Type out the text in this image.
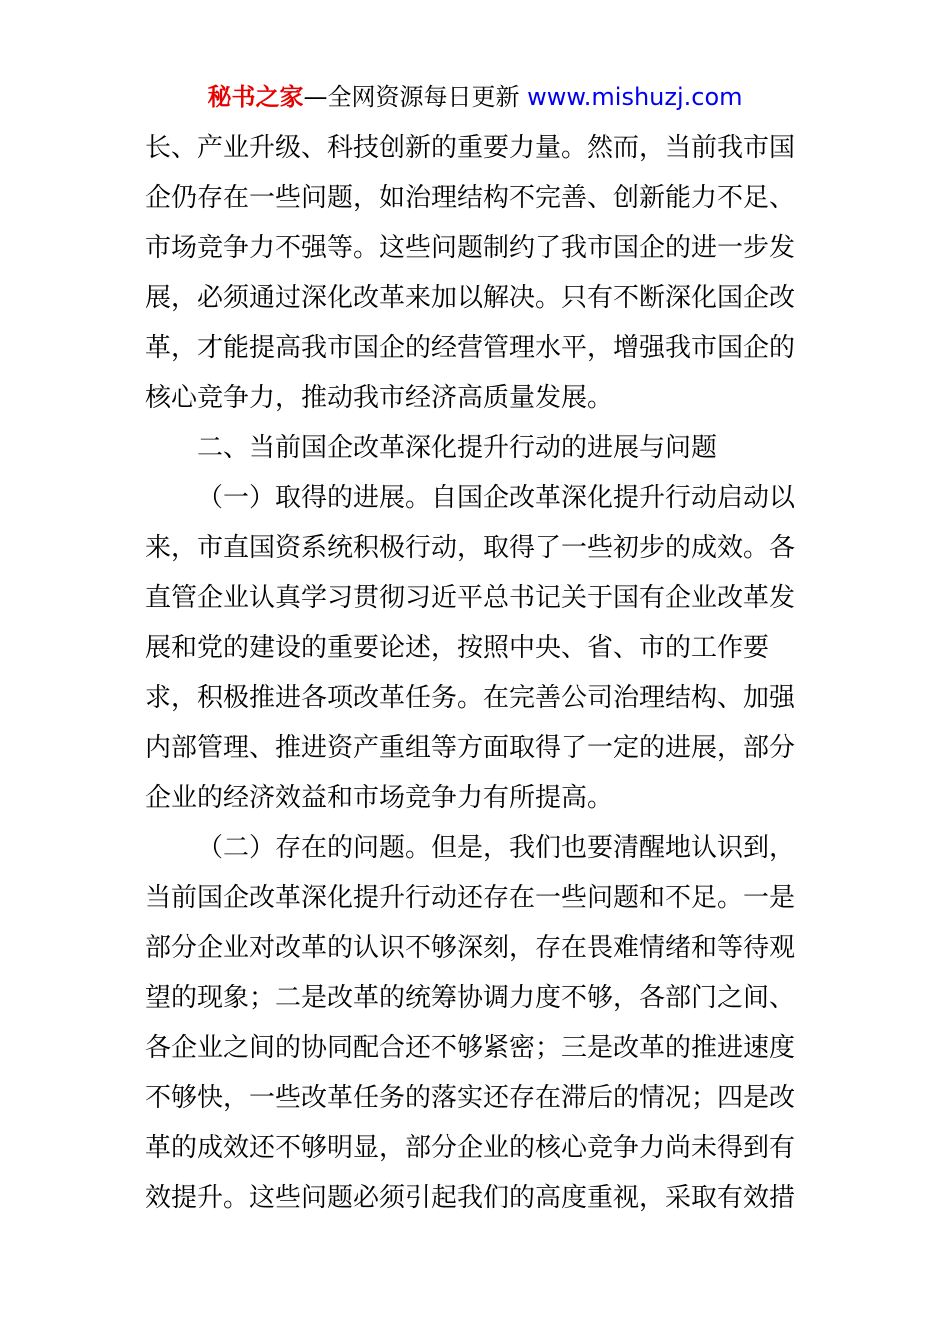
秘书之家—全网资源每日更新 www.mishuzj.com
长、产业升级、科技创新的重要力量。然而，当前我市国
企仍存在一些问题，如治理结构不完善、创新能力不足、
市场竞争力不强等。这些问题制约了我市国企的进一步发
展，必须通过深化改革来加以解决。只有不断深化国企改
革，才能提高我市国企的经营管理水平，增强我市国企的
核心竞争力，推动我市经济高质量发展。
二、当前国企改革深化提升行动的进展与问题
（一）取得的进展。自国企改革深化提升行动启动以
来，市直国资系统积极行动，取得了一些初步的成效。各
直管企业认真学习贯彻习近平总书记关于国有企业改革发
展和党的建设的重要论述，按照中央、省、市的工作要
求，积极推进各项改革任务。在完善公司治理结构、加强
内部管理、推进资产重组等方面取得了一定的进展，部分
企业的经济效益和市场竞争力有所提高。
（二）存在的问题。但是，我们也要清醒地认识到，
当前国企改革深化提升行动还存在一些问题和不足。一是
部分企业对改革的认识不够深刻，存在畏难情绪和等待观
望的现象；二是改革的统筹协调力度不够，各部门之间、
各企业之间的协同配合还不够紧密；三是改革的推进速度
不够快，一些改革任务的落实还存在滞后的情况；四是改
革的成效还不够明显，部分企业的核心竞争力尚未得到有
效提升。这些问题必须引起我们的高度重视，采取有效措
